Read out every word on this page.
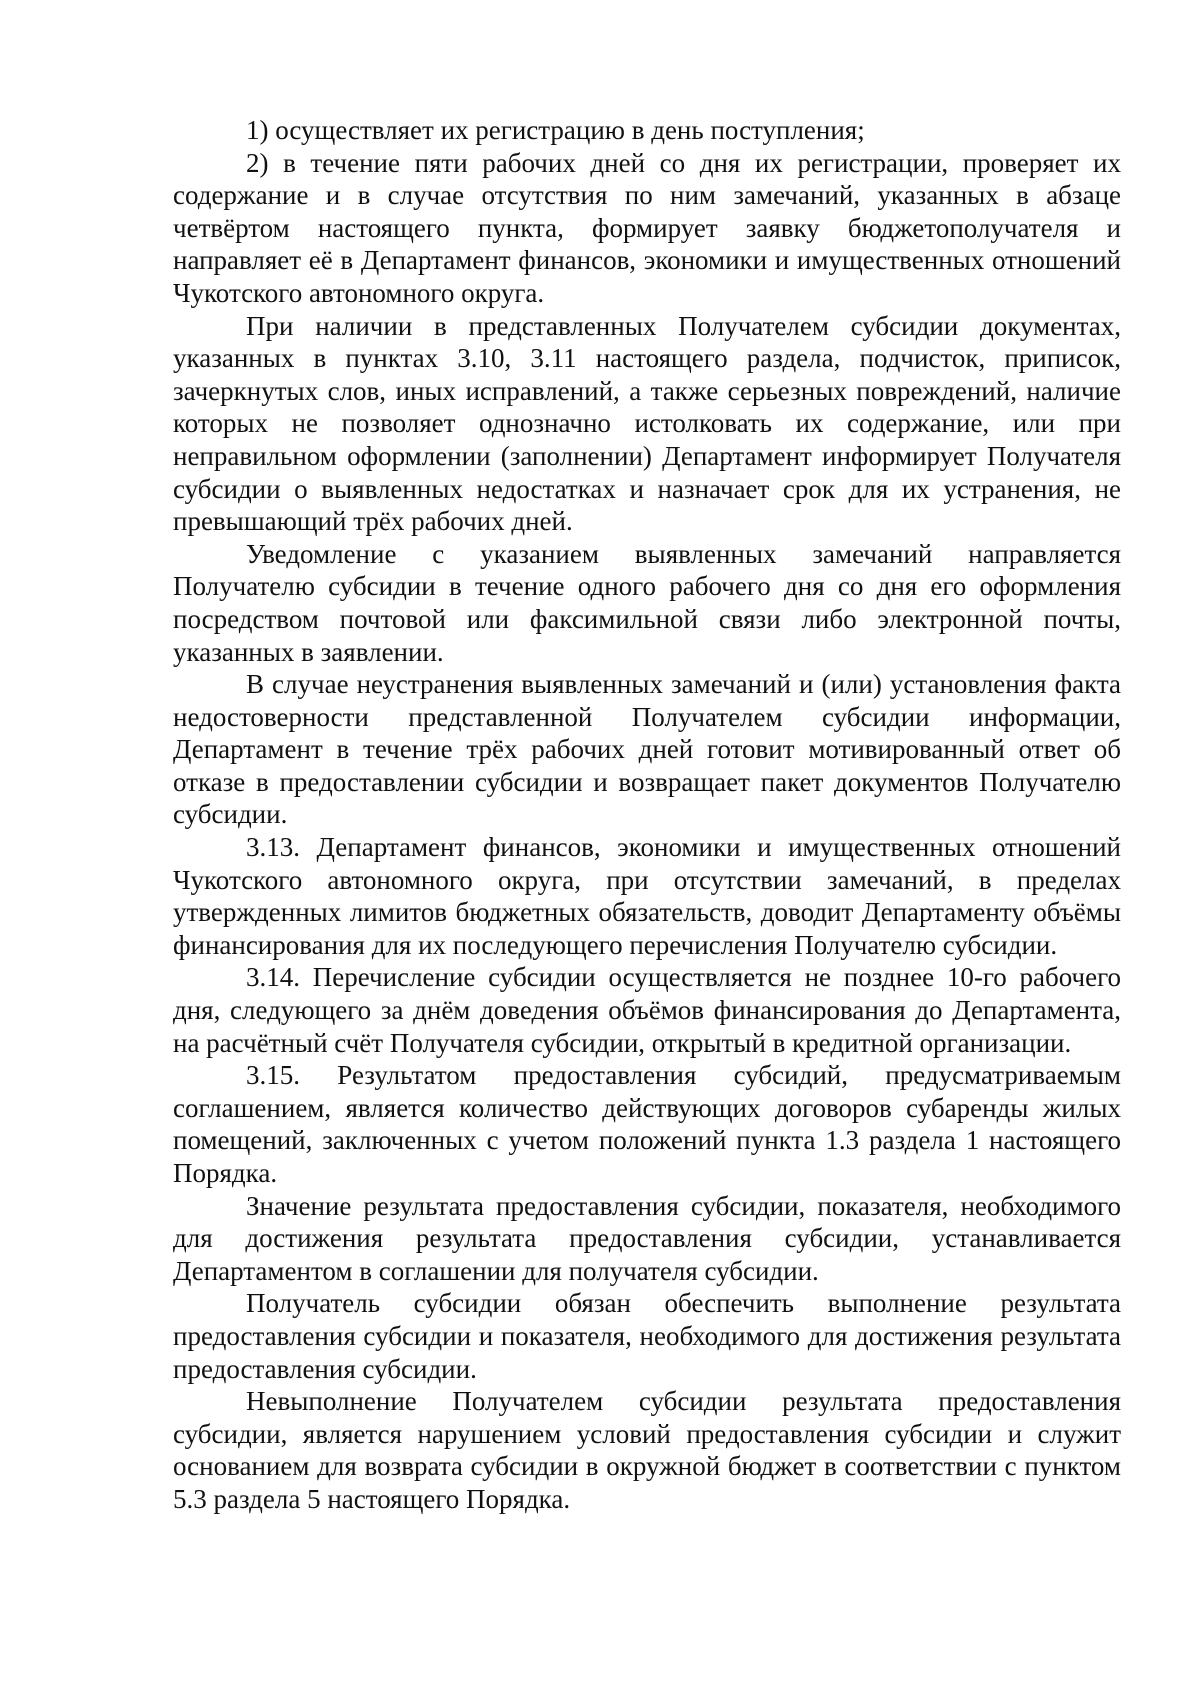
1) осуществляет их регистрацию в день поступления;

2) в течение пяти рабочих дней со дня их регистрации, проверяет их содержание и в случае отсутствия по ним замечаний, указанных в абзаце четвёртом настоящего пункта, формирует заявку бюджетополучателя и направляет её в Департамент финансов, экономики и имущественных отношений Чукотского автономного округа.

При наличии в представленных Получателем субсидии документах, указанных в пунктах 3.10, 3.11 настоящего раздела, подчисток, приписок, зачеркнутых слов, иных исправлений, а также серьезных повреждений, наличие которых не позволяет однозначно истолковать их содержание, или при неправильном оформлении (заполнении) Департамент информирует Получателя субсидии о выявленных недостатках и назначает срок для их устранения, не превышающий трёх рабочих дней.

Уведомление с указанием выявленных замечаний направляется Получателю субсидии в течение одного рабочего дня со дня его оформления посредством почтовой или факсимильной связи либо электронной почты, указанных в заявлении.

В случае неустранения выявленных замечаний и (или) установления факта недостоверности представленной Получателем субсидии информации, Департамент в течение трёх рабочих дней готовит мотивированный ответ об отказе в предоставлении субсидии и возвращает пакет документов Получателю субсидии.

3.13. Департамент финансов, экономики и имущественных отношений Чукотского автономного округа, при отсутствии замечаний, в пределах утвержденных лимитов бюджетных обязательств, доводит Департаменту объёмы финансирования для их последующего перечисления Получателю субсидии.

3.14. Перечисление субсидии осуществляется не позднее 10-го рабочего дня, следующего за днём доведения объёмов финансирования до Департамента, на расчётный счёт Получателя субсидии, открытый в кредитной организации.

3.15. Результатом предоставления субсидий, предусматриваемым соглашением, является количество действующих договоров субаренды жилых помещений, заключенных с учетом положений пункта 1.3 раздела 1 настоящего Порядка.

Значение результата предоставления субсидии, показателя, необходимого для достижения результата предоставления субсидии, устанавливается Департаментом в соглашении для получателя субсидии.

Получатель субсидии обязан обеспечить выполнение результата предоставления субсидии и показателя, необходимого для достижения результата предоставления субсидии.

Невыполнение Получателем субсидии результата предоставления субсидии, является нарушением условий предоставления субсидии и служит основанием для возврата субсидии в окружной бюджет в соответствии с пунктом 5.3 раздела 5 настоящего Порядка.
